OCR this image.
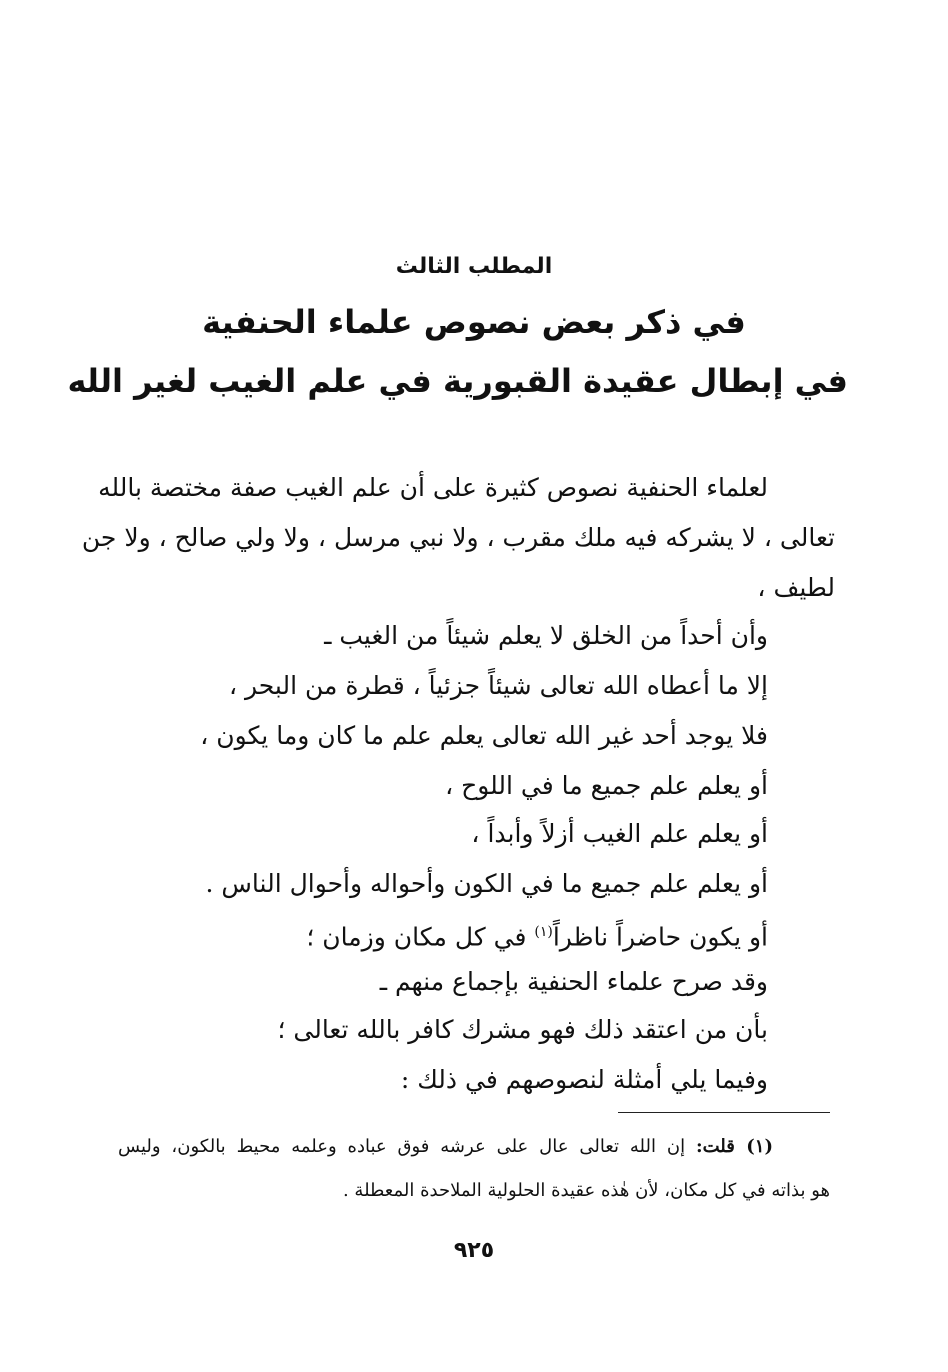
المطلب الثالث
في ذكر بعض نصوص علماء الحنفية
في إبطال عقيدة القبورية في علم الغيب لغير الله
لعلماء الحنفية نصوص كثيرة على أن علم الغيب صفة مختصة بالله
تعالى ، لا يشركه فيه ملك مقرب ، ولا نبي مرسل ، ولا ولي صالح ، ولا جن
لطيف ،
وأن أحداً من الخلق لا يعلم شيئاً من الغيب ـ
إلا ما أعطاه الله تعالى شيئاً جزئياً ، قطرة من البحر ،
فلا يوجد أحد غير الله تعالى يعلم علم ما كان وما يكون ،
أو يعلم علم جميع ما في اللوح ،
أو يعلم علم الغيب أزلاً وأبداً ،
أو يعلم علم جميع ما في الكون وأحواله وأحوال الناس .
أو يكون حاضراً ناظراً$^{(١)}$ في كل مكان وزمان ؛
وقد صرح علماء الحنفية بإجماع منهم ـ
بأن من اعتقد ذلك فهو مشرك كافر بالله تعالى ؛
وفيما يلي أمثلة لنصوصهم في ذلك :
(١) قلت: إن الله تعالى عال على عرشه فوق عباده وعلمه محيط بالكون، وليس
هو بذاته في كل مكان، لأن هٰذه عقيدة الحلولية الملاحدة المعطلة .
٩٢٥
